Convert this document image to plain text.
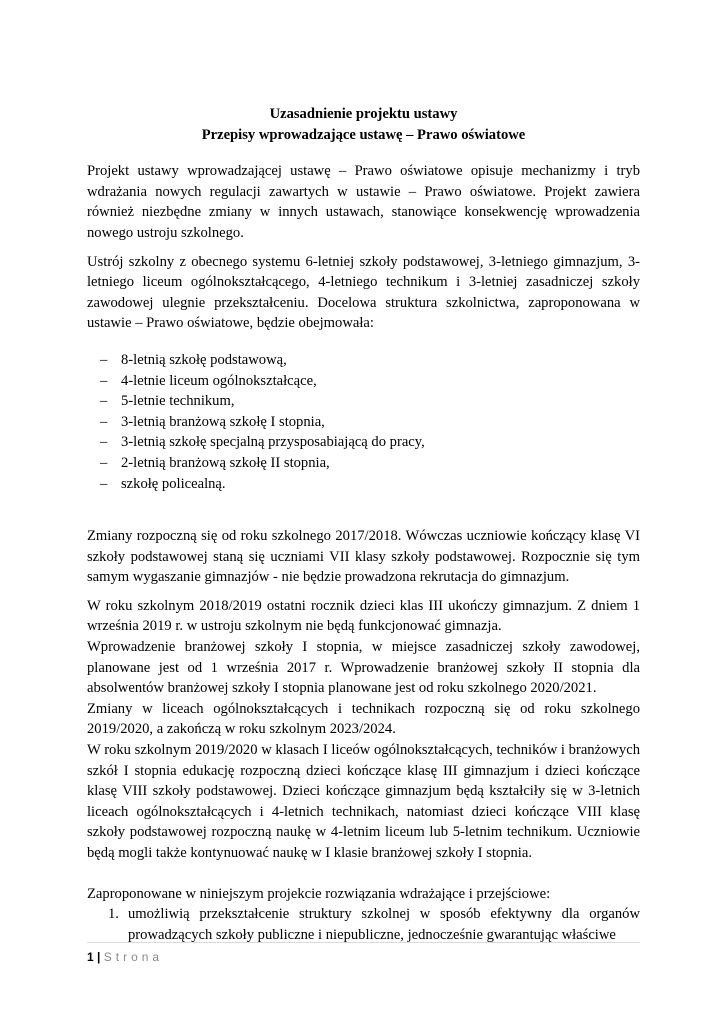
Uzasadnienie projektu ustawy

Przepisy wprowadzające ustawę – Prawo oświatowe

Projekt ustawy wprowadzającej ustawę – Prawo oświatowe opisuje mechanizmy i tryb wdrażania nowych regulacji zawartych w ustawie – Prawo oświatowe. Projekt zawiera również niezbędne zmiany w innych ustawach, stanowiące konsekwencję wprowadzenia nowego ustroju szkolnego.

Ustrój szkolny z obecnego systemu 6-letniej szkoły podstawowej, 3-letniego gimnazjum, 3-letniego liceum ogólnokształcącego, 4-letniego technikum i 3-letniej zasadniczej szkoły zawodowej ulegnie przekształceniu. Docelowa struktura szkolnictwa, zaproponowana w ustawie – Prawo oświatowe, będzie obejmowała:

– 8-letnią szkołę podstawową,
– 4-letnie liceum ogólnokształcące,
– 5-letnie technikum,
– 3-letnią branżową szkołę I stopnia,
– 3-letnią szkołę specjalną przysposabiającą do pracy,
– 2-letnią branżową szkołę II stopnia,
– szkołę policealną.

Zmiany rozpoczną się od roku szkolnego 2017/2018. Wówczas uczniowie kończący klasę VI szkoły podstawowej staną się uczniami VII klasy szkoły podstawowej. Rozpocznie się tym samym wygaszanie gimnazjów - nie będzie prowadzona rekrutacja do gimnazjum.

W roku szkolnym 2018/2019 ostatni rocznik dzieci klas III ukończy gimnazjum. Z dniem 1 września 2019 r. w ustroju szkolnym nie będą funkcjonować gimnazja.

Wprowadzenie branżowej szkoły I stopnia, w miejsce zasadniczej szkoły zawodowej, planowane jest od 1 września 2017 r. Wprowadzenie branżowej szkoły II stopnia dla absolwentów branżowej szkoły I stopnia planowane jest od roku szkolnego 2020/2021.

Zmiany w liceach ogólnokształcących i technikach rozpoczną się od roku szkolnego 2019/2020, a zakończą w roku szkolnym 2023/2024.

W roku szkolnym 2019/2020 w klasach I liceów ogólnokształcących, techników i branżowych szkół I stopnia edukację rozpoczną dzieci kończące klasę III gimnazjum i dzieci kończące klasę VIII szkoły podstawowej. Dzieci kończące gimnazjum będą kształciły się w 3-letnich liceach ogólnokształcących i 4-letnich technikach, natomiast dzieci kończące VIII klasę szkoły podstawowej rozpoczną naukę w 4-letnim liceum lub 5-letnim technikum. Uczniowie będą mogli także kontynuować naukę w I klasie branżowej szkoły I stopnia.

Zaproponowane w niniejszym projekcie rozwiązania wdrażające i przejściowe:

1. umożliwią przekształcenie struktury szkolnej w sposób efektywny dla organów prowadzących szkoły publiczne i niepubliczne, jednocześnie gwarantując właściwe
1 | Strona
